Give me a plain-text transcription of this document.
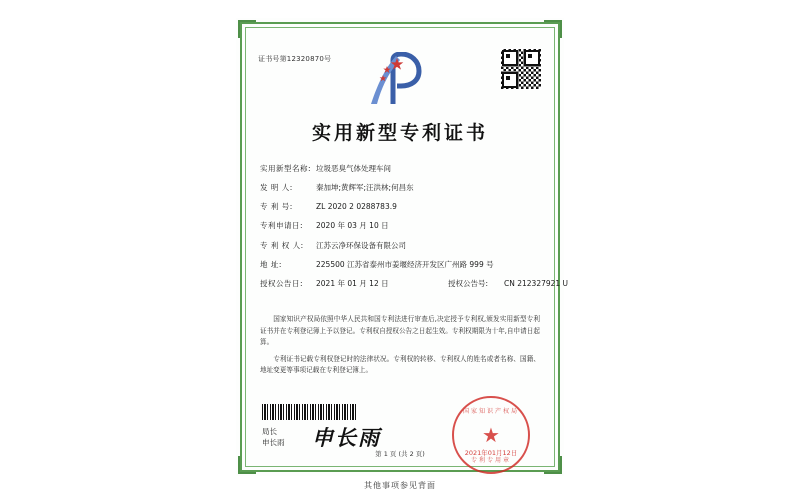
证书号第12320870号
实用新型专利证书
实用新型名称: 垃圾恶臭气体处理车间
发 明 人:	秦加坤;黄辉军;汪洪林;何昌东
专 利 号:	ZL 2020 2 0288783.9
专利申请日:	2020 年 03 月 10 日
专 利 权 人:	江苏云净环保设备有限公司
地 址:	225500 江苏省泰州市姜堰经济开发区广州路 999 号
授权公告日:	2021 年 01 月 12 日	授权公告号:	CN 212327921 U

国家知识产权局依照中华人民共和国专利法进行审查后,决定授予专利权,颁发实用新型专利证书并在专利登记簿上予以登记。专利权自授权公告之日起生效。专利权期限为十年,自申请日起算。

专利证书记载专利权登记时的法律状况。专利权的转移、专利权人的姓名或者名称、国籍、地址变更等事项记载在专利登记簿上。

局长
申长雨 申长雨
国家知识产权局
★
专利专用章
2021年01月12日
第 1 页 (共 2 页)
其他事项参见背面
